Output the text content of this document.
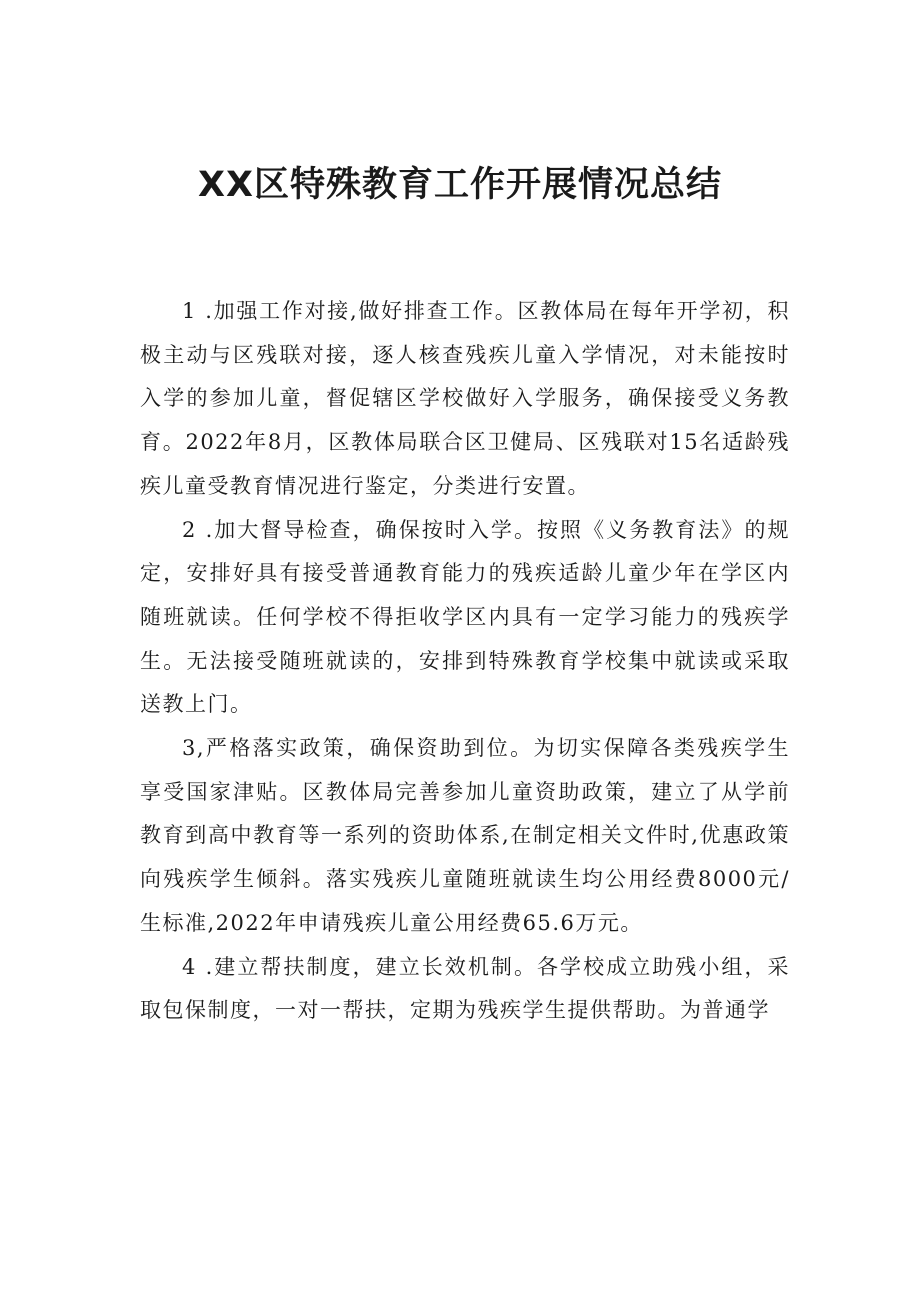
XX区特殊教育工作开展情况总结

1 .加强工作对接,做好排查工作。区教体局在每年开学初，积极主动与区残联对接，逐人核查残疾儿童入学情况，对未能按时入学的参加儿童，督促辖区学校做好入学服务，确保接受义务教育。2022年8月，区教体局联合区卫健局、区残联对15名适龄残疾儿童受教育情况进行鉴定，分类进行安置。

2 .加大督导检查，确保按时入学。按照《义务教育法》的规定，安排好具有接受普通教育能力的残疾适龄儿童少年在学区内随班就读。任何学校不得拒收学区内具有一定学习能力的残疾学生。无法接受随班就读的，安排到特殊教育学校集中就读或采取送教上门。

3,严格落实政策，确保资助到位。为切实保障各类残疾学生享受国家津贴。区教体局完善参加儿童资助政策，建立了从学前教育到高中教育等一系列的资助体系,在制定相关文件时,优惠政策向残疾学生倾斜。落实残疾儿童随班就读生均公用经费8000元/生标准,2022年申请残疾儿童公用经费65.6万元。

4 .建立帮扶制度，建立长效机制。各学校成立助残小组，采取包保制度，一对一帮扶，定期为残疾学生提供帮助。为普通学
